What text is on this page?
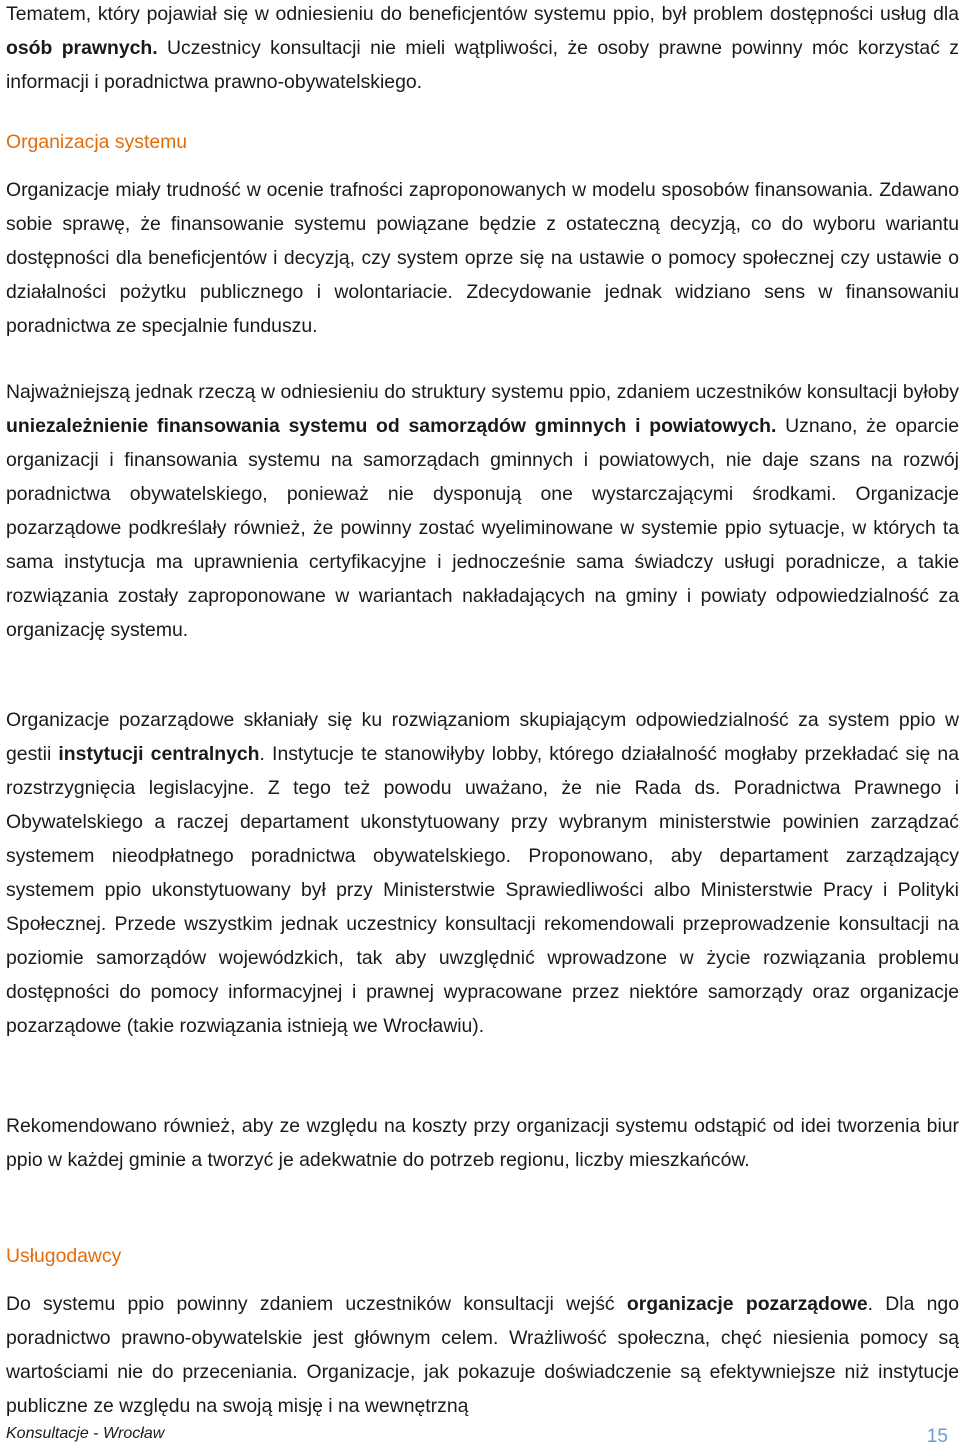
Tematem, który pojawiał się w odniesieniu do beneficjentów systemu ppio, był problem dostępności usług dla osób prawnych. Uczestnicy konsultacji nie mieli wątpliwości, że osoby prawne powinny móc korzystać z informacji i poradnictwa prawno-obywatelskiego.

Organizacja systemu

Organizacje miały trudność w ocenie trafności zaproponowanych w modelu sposobów finansowania. Zdawano sobie sprawę, że finansowanie systemu powiązane będzie z ostateczną decyzją, co do wyboru wariantu dostępności dla beneficjentów i decyzją, czy system oprze się na ustawie o pomocy społecznej czy ustawie o działalności pożytku publicznego i wolontariacie. Zdecydowanie jednak widziano sens w finansowaniu poradnictwa ze specjalnie funduszu.

Najważniejszą jednak rzeczą w odniesieniu do struktury systemu ppio, zdaniem uczestników konsultacji byłoby uniezależnienie finansowania systemu od samorządów gminnych i powiatowych. Uznano, że oparcie organizacji i finansowania systemu na samorządach gminnych i powiatowych, nie daje szans na rozwój poradnictwa obywatelskiego, ponieważ nie dysponują one wystarczającymi środkami. Organizacje pozarządowe podkreślały również, że powinny zostać wyeliminowane w systemie ppio sytuacje, w których ta sama instytucja ma uprawnienia certyfikacyjne i jednocześnie sama świadczy usługi poradnicze, a takie rozwiązania zostały zaproponowane w wariantach nakładających na gminy i powiaty odpowiedzialność za organizację systemu.

Organizacje pozarządowe skłaniały się ku rozwiązaniom skupiającym odpowiedzialność za system ppio w gestii instytucji centralnych. Instytucje te stanowiłyby lobby, którego działalność mogłaby przekładać się na rozstrzygnięcia legislacyjne. Z tego też powodu uważano, że nie Rada ds. Poradnictwa Prawnego i Obywatelskiego a raczej departament ukonstytuowany przy wybranym ministerstwie powinien zarządzać systemem nieodpłatnego poradnictwa obywatelskiego. Proponowano, aby departament zarządzający systemem ppio ukonstytuowany był przy Ministerstwie Sprawiedliwości albo Ministerstwie Pracy i Polityki Społecznej. Przede wszystkim jednak uczestnicy konsultacji rekomendowali przeprowadzenie konsultacji na poziomie samorządów wojewódzkich, tak aby uwzględnić wprowadzone w życie rozwiązania problemu dostępności do pomocy informacyjnej i prawnej wypracowane przez niektóre samorządy oraz organizacje pozarządowe (takie rozwiązania istnieją we Wrocławiu).

Rekomendowano również, aby ze względu na koszty przy organizacji systemu odstąpić od idei tworzenia biur ppio w każdej gminie a tworzyć je adekwatnie do potrzeb regionu, liczby mieszkańców.

Usługodawcy

Do systemu ppio powinny zdaniem uczestników konsultacji wejść organizacje pozarządowe. Dla ngo poradnictwo prawno-obywatelskie jest głównym celem. Wrażliwość społeczna, chęć niesienia pomocy są wartościami nie do przeceniania. Organizacje, jak pokazuje doświadczenie są efektywniejsze niż instytucje publiczne ze względu na swoją misję i na wewnętrzną

Konsultacje - Wrocław	15
